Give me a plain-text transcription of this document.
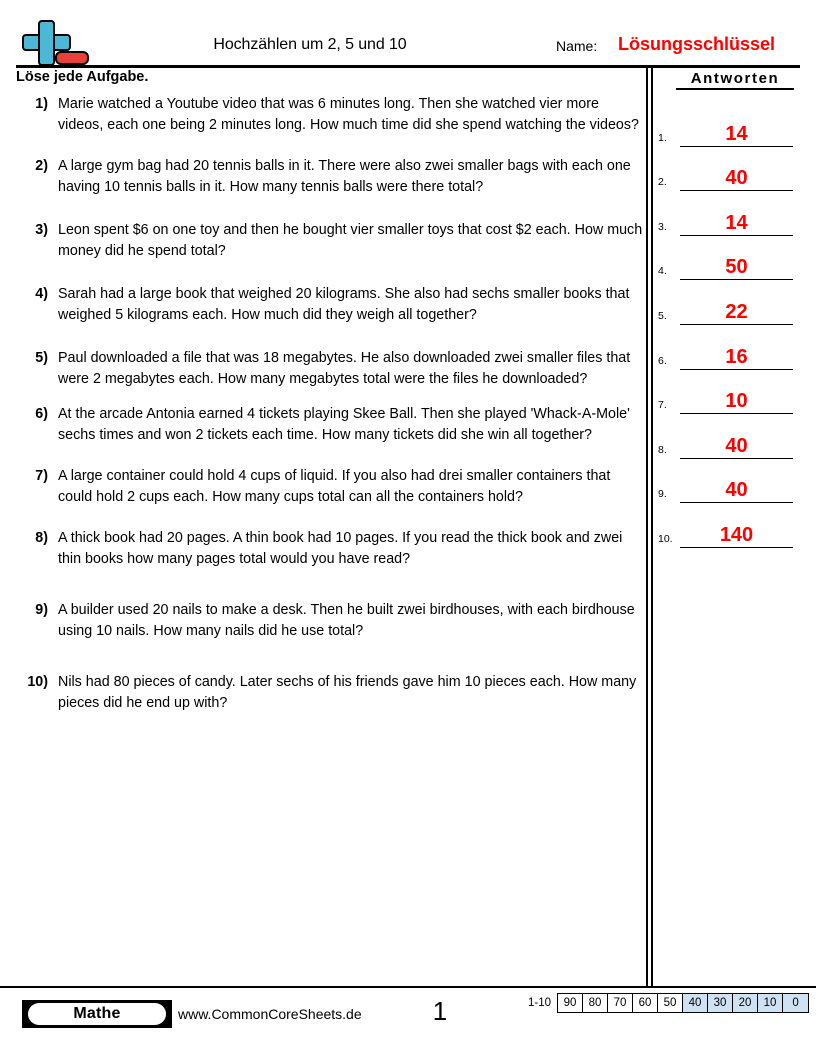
Hochzählen um 2, 5 und 10	Name: Lösungsschlüssel
Löse jede Aufgabe.	Antworten
1) Marie watched a Youtube video that was 6 minutes long. Then she watched vier more videos, each one being 2 minutes long. How much time did she spend watching the videos?
2) A large gym bag had 20 tennis balls in it. There were also zwei smaller bags with each one having 10 tennis balls in it. How many tennis balls were there total?
3) Leon spent $6 on one toy and then he bought vier smaller toys that cost $2 each. How much money did he spend total?
4) Sarah had a large book that weighed 20 kilograms. She also had sechs smaller books that weighed 5 kilograms each. How much did they weigh all together?
5) Paul downloaded a file that was 18 megabytes. He also downloaded zwei smaller files that were 2 megabytes each. How many megabytes total were the files he downloaded?
6) At the arcade Antonia earned 4 tickets playing Skee Ball. Then she played 'Whack-A-Mole' sechs times and won 2 tickets each time. How many tickets did she win all together?
7) A large container could hold 4 cups of liquid. If you also had drei smaller containers that could hold 2 cups each. How many cups total can all the containers hold?
8) A thick book had 20 pages. A thin book had 10 pages. If you read the thick book and zwei thin books how many pages total would you have read?
9) A builder used 20 nails to make a desk. Then he built zwei birdhouses, with each birdhouse using 10 nails. How many nails did he use total?
10) Nils had 80 pieces of candy. Later sechs of his friends gave him 10 pieces each. How many pieces did he end up with?
1.	14
2.	40
3.	14
4.	50
5.	22
6.	16
7.	10
8.	40
9.	40
10.	140
Mathe	www.CommonCoreSheets.de	1	1-10	90	80	70	60	50	40	30	20	10	0
